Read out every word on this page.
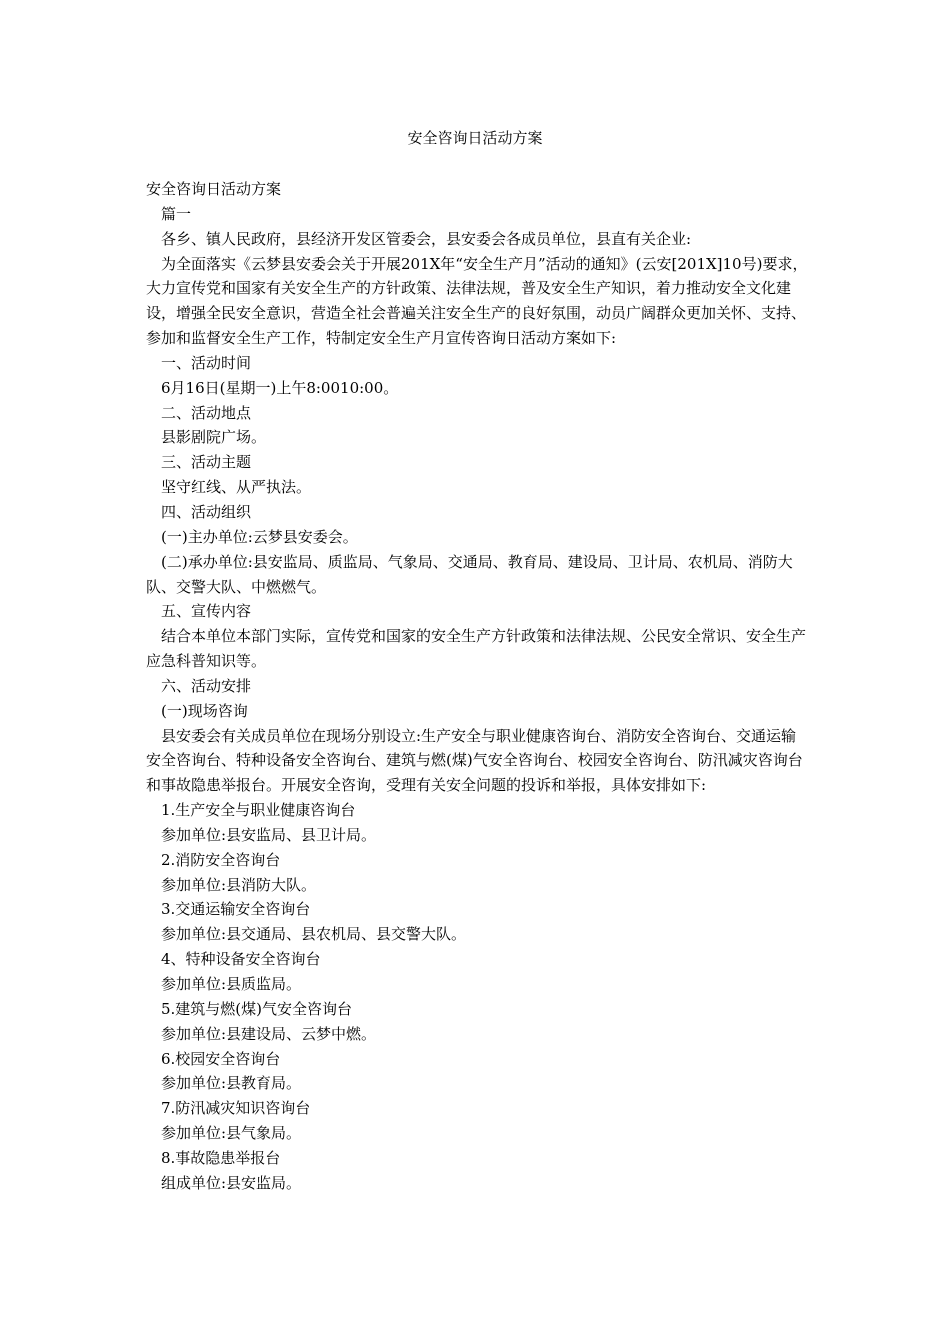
安全咨询日活动方案

安全咨询日活动方案

篇一

各乡、镇人民政府，县经济开发区管委会，县安委会各成员单位，县直有关企业:

为全面落实《云梦县安委会关于开展201X年“安全生产月”活动的通知》(云安[201X]10号)要求，大力宣传党和国家有关安全生产的方针政策、法律法规，普及安全生产知识，着力推动安全文化建设，增强全民安全意识，营造全社会普遍关注安全生产的良好氛围，动员广阔群众更加关怀、支持、参加和监督安全生产工作，特制定安全生产月宣传咨询日活动方案如下:

一、活动时间

6月16日(星期一)上午8:0010:00。

二、活动地点

县影剧院广场。

三、活动主题

坚守红线、从严执法。

四、活动组织

(一)主办单位:云梦县安委会。

(二)承办单位:县安监局、质监局、气象局、交通局、教育局、建设局、卫计局、农机局、消防大队、交警大队、中燃燃气。

五、宣传内容

结合本单位本部门实际，宣传党和国家的安全生产方针政策和法律法规、公民安全常识、安全生产应急科普知识等。

六、活动安排

(一)现场咨询

县安委会有关成员单位在现场分别设立:生产安全与职业健康咨询台、消防安全咨询台、交通运输安全咨询台、特种设备安全咨询台、建筑与燃(煤)气安全咨询台、校园安全咨询台、防汛减灾咨询台和事故隐患举报台。开展安全咨询，受理有关安全问题的投诉和举报，具体安排如下:

1.生产安全与职业健康咨询台

参加单位:县安监局、县卫计局。

2.消防安全咨询台

参加单位:县消防大队。

3.交通运输安全咨询台

参加单位:县交通局、县农机局、县交警大队。

4、特种设备安全咨询台

参加单位:县质监局。

5.建筑与燃(煤)气安全咨询台

参加单位:县建设局、云梦中燃。

6.校园安全咨询台

参加单位:县教育局。

7.防汛减灾知识咨询台

参加单位:县气象局。

8.事故隐患举报台

组成单位:县安监局。
